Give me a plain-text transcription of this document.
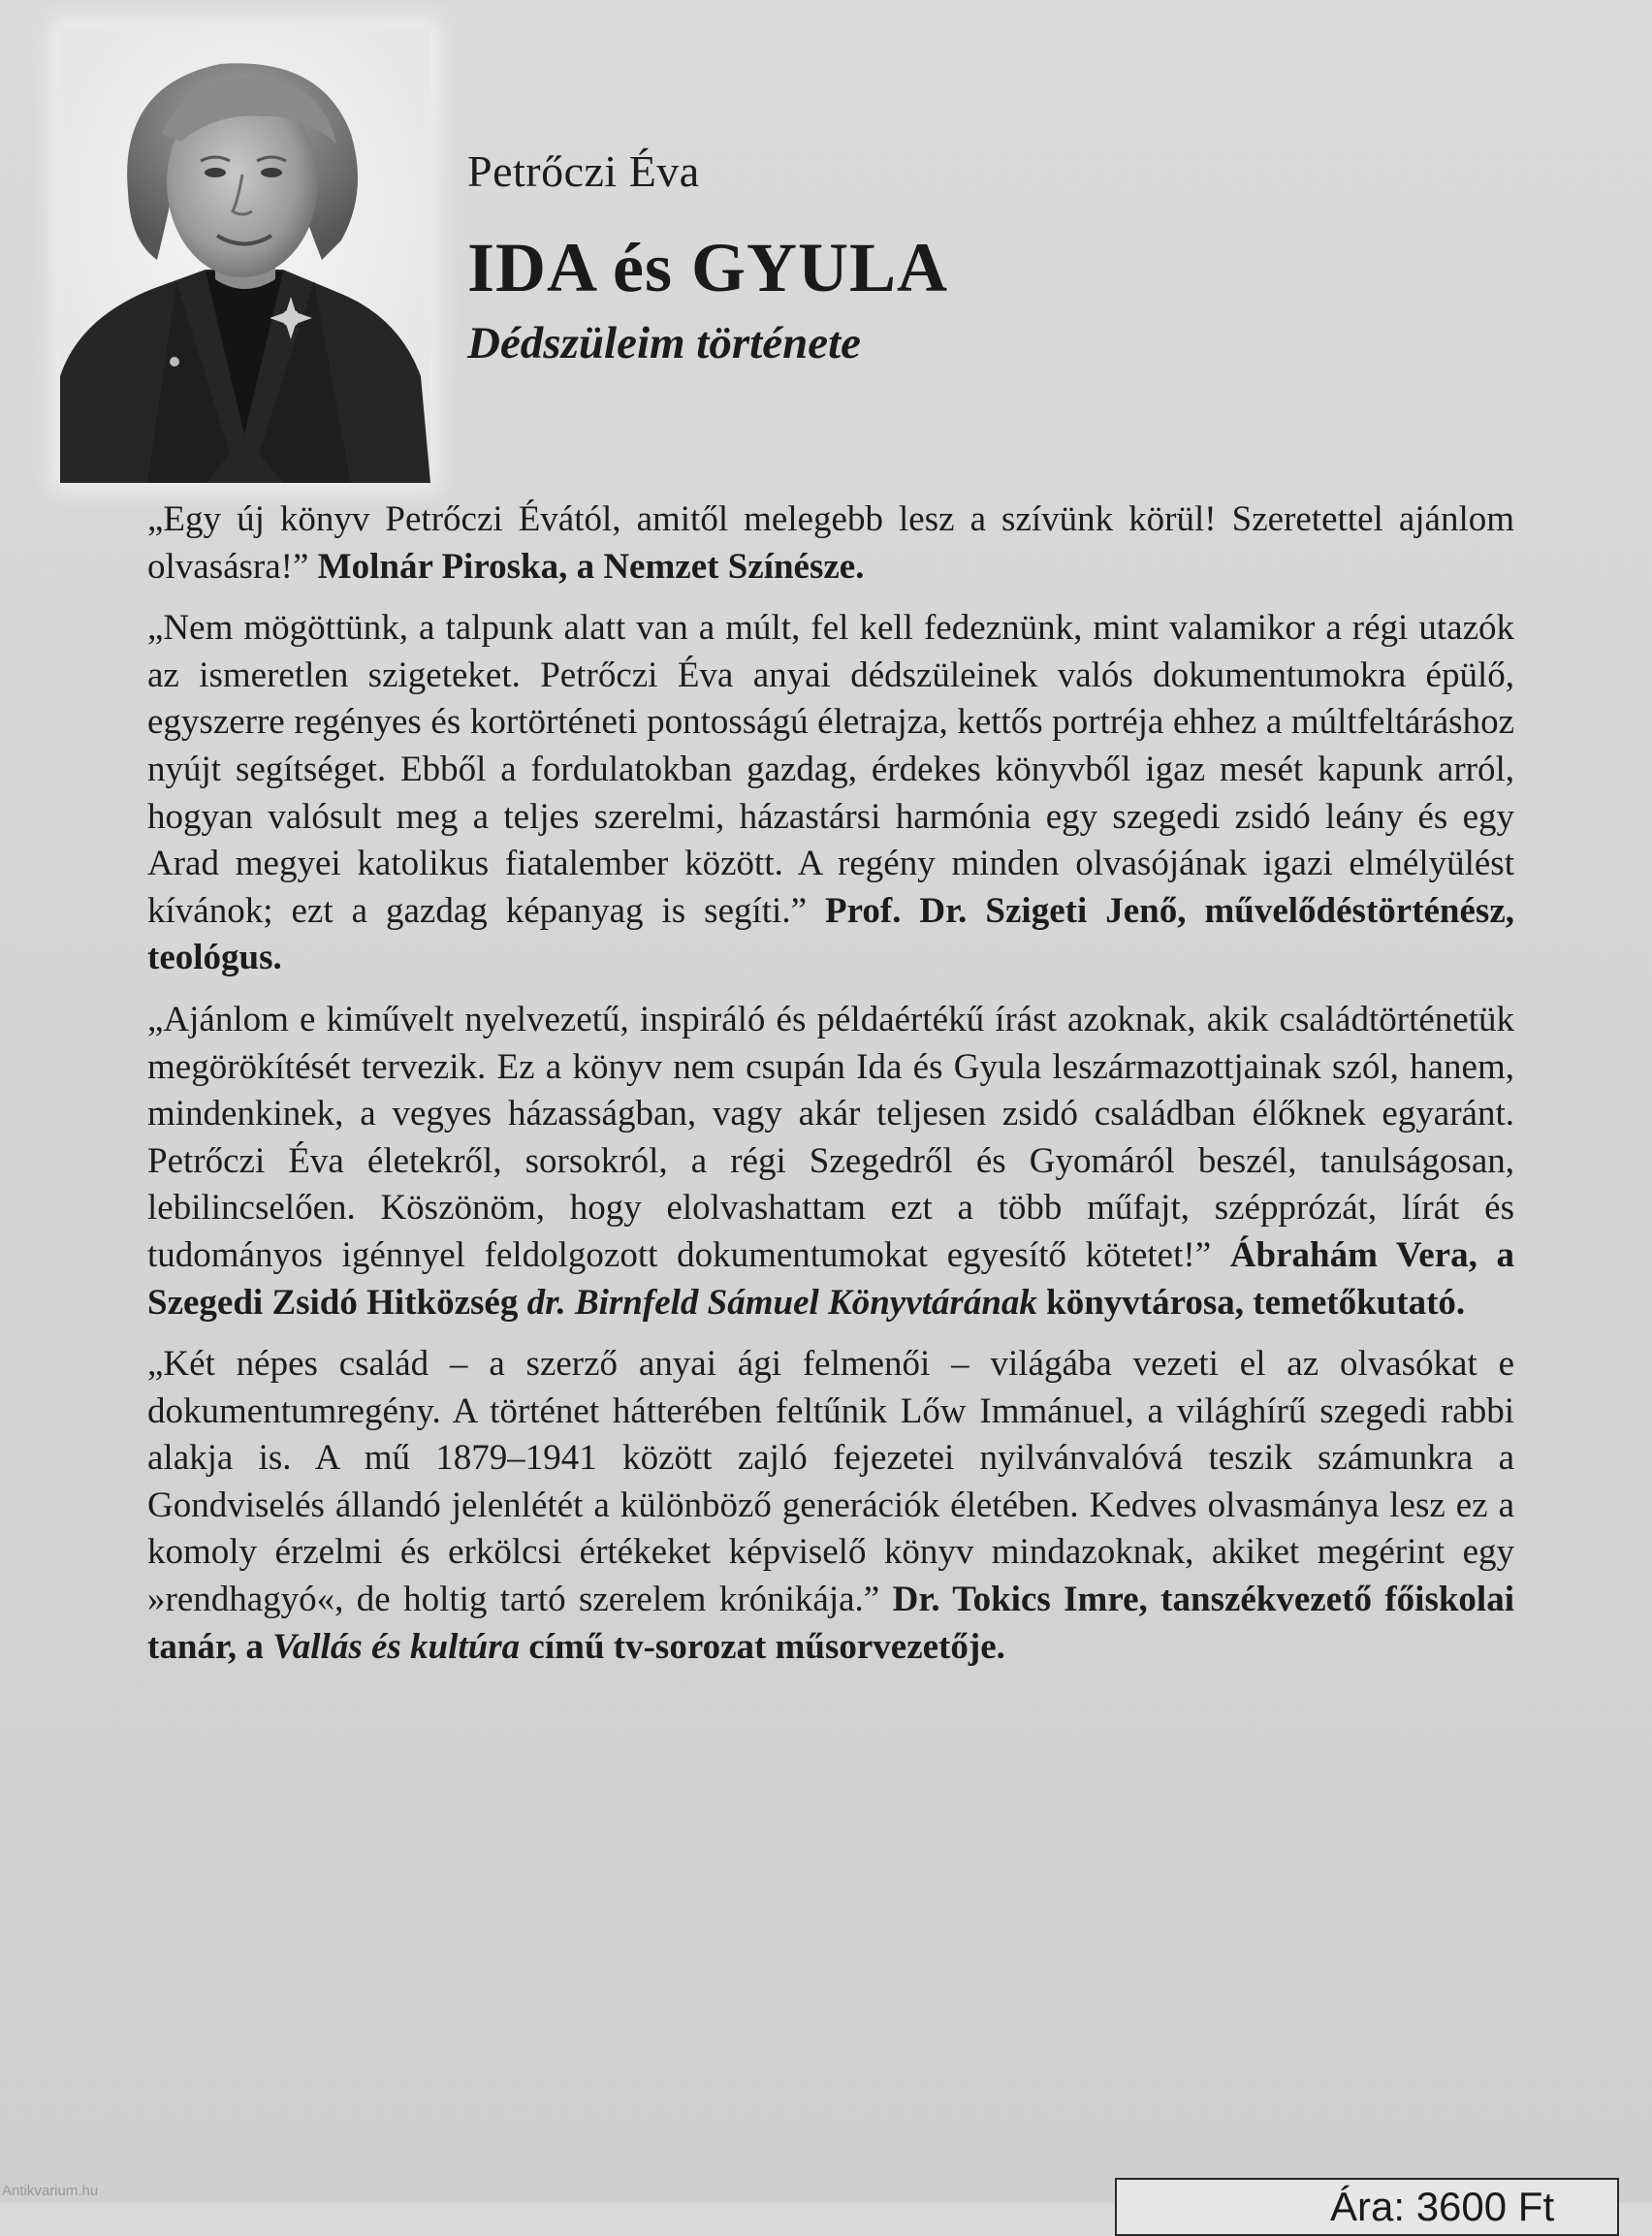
Petrőczi Éva
IDA és GYULA
Dédszüleim története

„Egy új könyv Petrőczi Évától, amitől melegebb lesz a szívünk körül! Szeretettel ajánlom olvasásra!” Molnár Piroska, a Nemzet Színésze.

„Nem mögöttünk, a talpunk alatt van a múlt, fel kell fedeznünk, mint valamikor a régi utazók az ismeretlen szigeteket. Petrőczi Éva anyai dédszüleinek valós dokumentumokra épülő, egyszerre regényes és kortörténeti pontosságú életrajza, kettős portréja ehhez a múltfeltáráshoz nyújt segítséget. Ebből a fordulatokban gazdag, érdekes könyvből igaz mesét kapunk arról, hogyan valósult meg a teljes szerelmi, házastársi harmónia egy szegedi zsidó leány és egy Arad megyei katolikus fiatalember között. A regény minden olvasójának igazi elmélyülést kívánok; ezt a gazdag képanyag is segíti.” Prof. Dr. Szigeti Jenő, művelődéstörténész, teológus.

„Ajánlom e kiművelt nyelvezetű, inspiráló és példaértékű írást azoknak, akik családtörténetük megörökítését tervezik. Ez a könyv nem csupán Ida és Gyula leszármazottjainak szól, hanem, mindenkinek, a vegyes házasságban, vagy akár teljesen zsidó családban élőknek egyaránt. Petrőczi Éva életekről, sorsokról, a régi Szegedről és Gyomáról beszél, tanulságosan, lebilincselően. Köszönöm, hogy elolvashattam ezt a több műfajt, szépprózát, lírát és tudományos igénnyel feldolgozott dokumentumokat egyesítő kötetet!” Ábrahám Vera, a Szegedi Zsidó Hitközség dr. Birnfeld Sámuel Könyvtárának könyvtárosa, temetőkutató.

„Két népes család – a szerző anyai ági felmenői – világába vezeti el az olvasókat e dokumentumregény. A történet hátterében feltűnik Lőw Immánuel, a világhírű szegedi rabbi alakja is. A mű 1879–1941 között zajló fejezetei nyilvánvalóvá teszik számunkra a Gondviselés állandó jelenlétét a különböző generációk életében. Kedves olvasmánya lesz ez a komoly érzelmi és erkölcsi értékeket képviselő könyv mindazoknak, akiket megérint egy »rendhagyó«, de holtig tartó szerelem krónikája.” Dr. Tokics Imre, tanszékvezető főiskolai tanár, a Vallás és kultúra című tv-sorozat műsorvezetője.

Ára: 3600 Ft
Antikvarium.hu
